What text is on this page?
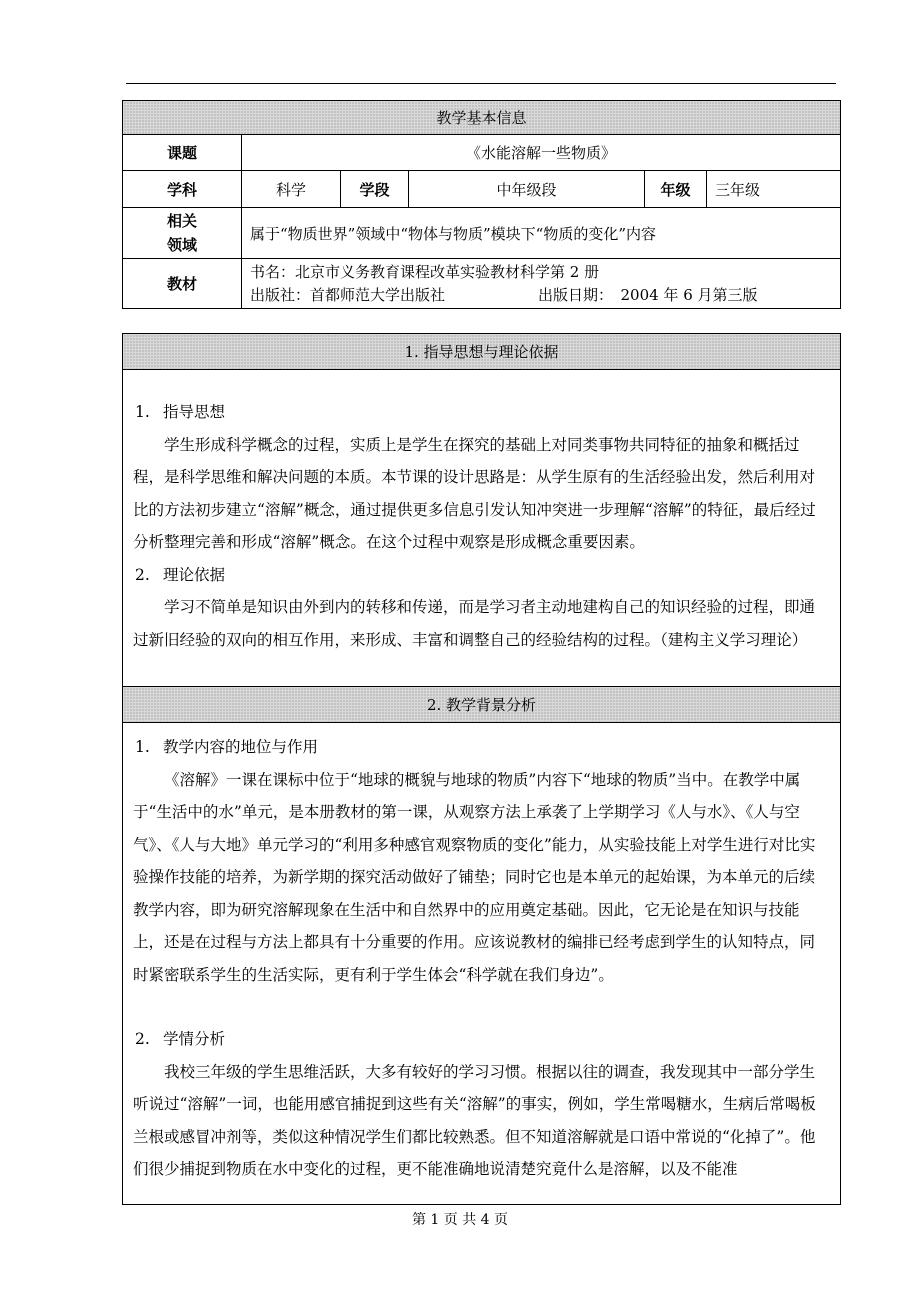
教学基本信息					
课题	《水能溶解一些物质》				
学科	科学	学段	中年级段	年级	三年级

相关
领域	属于“物质世界”领域中“物体与物质”模块下“物质的变化”内容				
教材	书名：北京市义务教育课程改革实验教材科学第 2 册
出版社：首都师范大学出版社 出版日期：　2004 年 6 月第三版				
1. 指导思想与理论依据

1. 指导思想

学生形成科学概念的过程，实质上是学生在探究的基础上对同类事物共同特征的抽象和概括过程，是科学思维和解决问题的本质。本节课的设计思路是：从学生原有的生活经验出发，然后利用对比的方法初步建立“溶解”概念，通过提供更多信息引发认知冲突进一步理解“溶解”的特征，最后经过分析整理完善和形成“溶解”概念。在这个过程中观察是形成概念重要因素。

2. 理论依据

学习不简单是知识由外到内的转移和传递，而是学习者主动地建构自己的知识经验的过程，即通过新旧经验的双向的相互作用，来形成、丰富和调整自己的经验结构的过程。（建构主义学习理论）

2. 教学背景分析

1. 教学内容的地位与作用

《溶解》一课在课标中位于“地球的概貌与地球的物质”内容下“地球的物质”当中。在教学中属于“生活中的水”单元，是本册教材的第一课，从观察方法上承袭了上学期学习《人与水》、《人与空气》、《人与大地》单元学习的“利用多种感官观察物质的变化”能力，从实验技能上对学生进行对比实验操作技能的培养，为新学期的探究活动做好了铺垫；同时它也是本单元的起始课，为本单元的后续教学内容，即为研究溶解现象在生活中和自然界中的应用奠定基础。因此，它无论是在知识与技能上，还是在过程与方法上都具有十分重要的作用。应该说教材的编排已经考虑到学生的认知特点，同时紧密联系学生的生活实际，更有利于学生体会“科学就在我们身边”。

2. 学情分析

我校三年级的学生思维活跃，大多有较好的学习习惯。根据以往的调查，我发现其中一部分学生听说过“溶解”一词，也能用感官捕捉到这些有关“溶解”的事实，例如，学生常喝糖水，生病后常喝板兰根或感冒冲剂等，类似这种情况学生们都比较熟悉。但不知道溶解就是口语中常说的“化掉了”。他们很少捕捉到物质在水中变化的过程，更不能准确地说清楚究竟什么是溶解，以及不能准

第 1 页 共 4 页
